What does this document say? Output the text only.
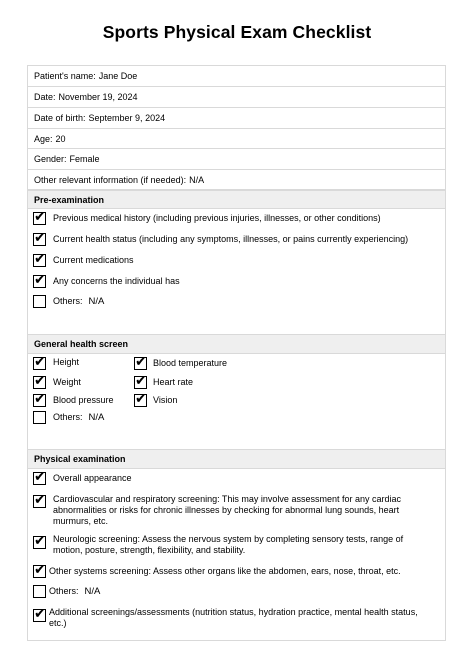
Sports Physical Exam Checklist
Patient's name: Jane Doe
Date: November 19, 2024
Date of birth: September 9, 2024
Age: 20
Gender: Female
Other relevant information (if needed): N/A
Pre-examination
✔ Previous medical history (including previous injuries, illnesses, or other conditions)
✔ Current health status (including any symptoms, illnesses, or pains currently experiencing)
✔ Current medications
✔ Any concerns the individual has
Others: N/A
General health screen
✔ Height
✔ Weight
✔ Blood pressure
Others: N/A
✔ Blood temperature
✔ Heart rate
✔ Vision
Physical examination
✔ Overall appearance
✔ Cardiovascular and respiratory screening: This may involve assessment for any cardiac
abnormalities or risks for chronic illnesses by checking for abnormal lung sounds, heart
murmurs, etc.
✔ Neurologic screening: Assess the nervous system by completing sensory tests, range of
motion, posture, strength, flexibility, and stability.
✔ Other systems screening: Assess other organs like the abdomen, ears, nose, throat, etc.
Others: N/A
✔ Additional screenings/assessments (nutrition status, hydration practice, mental health status,
etc.)
